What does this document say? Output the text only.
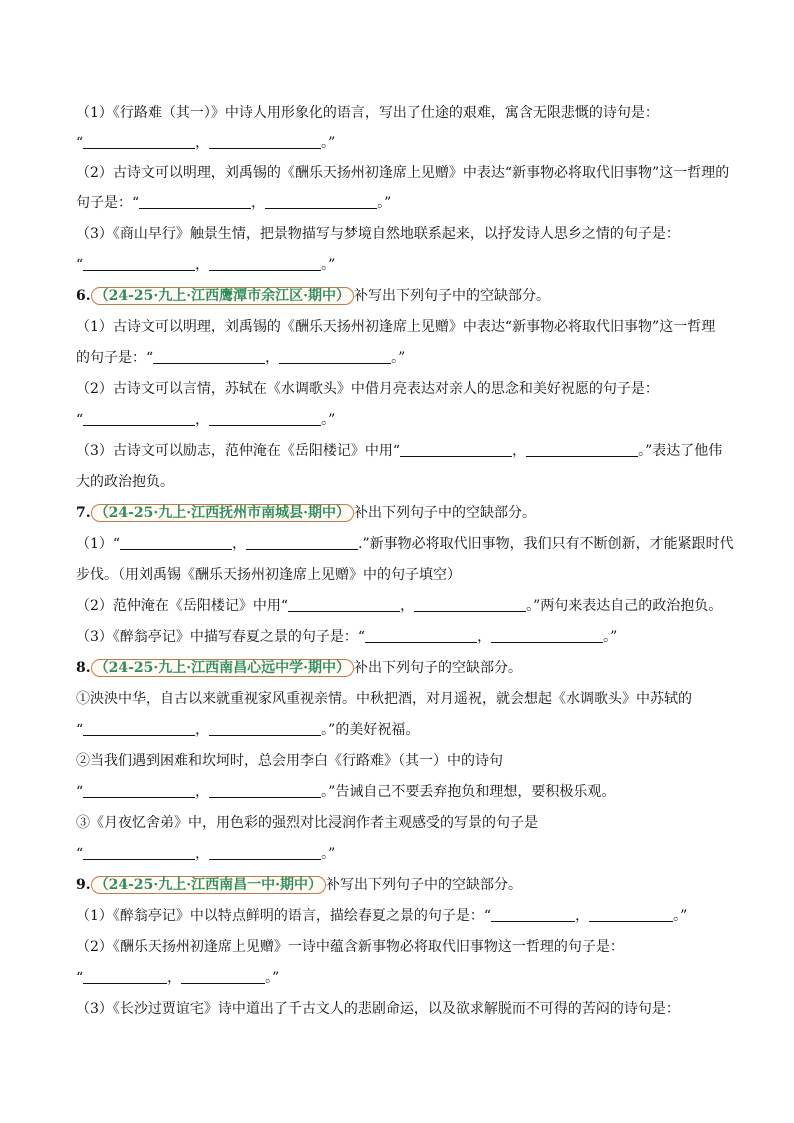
（1）《行路难（其一）》中诗人用形象化的语言，写出了仕途的艰难，寓含无限悲慨的诗句是：
“	，	。”
（2）古诗文可以明理，刘禹锡的《酬乐天扬州初逢席上见赠》中表达“新事物必将取代旧事物”这一哲理的
句子是：“	，	。”
（3）《商山早行》触景生情，把景物描写与梦境自然地联系起来，以抒发诗人思乡之情的句子是：
“	，	。”
6. （24-25·九上·江西鹰潭市余江区·期中） 补写出下列句子中的空缺部分。
（1）古诗文可以明理，刘禹锡的《酬乐天扬州初逢席上见赠》中表达“新事物必将取代旧事物”这一哲理
的句子是：“	，	。”
（2）古诗文可以言情，苏轼在《水调歌头》中借月亮表达对亲人的思念和美好祝愿的句子是：
“	，	。”
（3）古诗文可以励志，范仲淹在《岳阳楼记》中用“	，	。”表达了他伟
大的政治抱负。
7. （24-25·九上·江西抚州市南城县·期中） 补出下列句子中的空缺部分。
（1）“	，	.”新事物必将取代旧事物，我们只有不断创新，才能紧跟时代
步伐。（用刘禹锡《酬乐天扬州初逢席上见赠》中的句子填空）
（2）范仲淹在《岳阳楼记》中用“	，	。”两句来表达自己的政治抱负。
（3）《醉翁亭记》中描写春夏之景的句子是：“	，	。”
8. （24-25·九上·江西南昌心远中学·期中） 补出下列句子的空缺部分。
①泱泱中华，自古以来就重视家风重视亲情。中秋把酒，对月遥祝，就会想起《水调歌头》中苏轼的
“	，	。”的美好祝福。
②当我们遇到困难和坎坷时，总会用李白《行路难》（其一）中的诗句
“	，	。”告诫自己不要丢弃抱负和理想，要积极乐观。
③《月夜忆舍弟》中，用色彩的强烈对比浸润作者主观感受的写景的句子是
“	，	。”
9. （24-25·九上·江西南昌一中·期中） 补写出下列句子中的空缺部分。
（1）《醉翁亭记》中以特点鲜明的语言，描绘春夏之景的句子是：“	，	。”
（2）《酬乐天扬州初逢席上见赠》一诗中蕴含新事物必将取代旧事物这一哲理的句子是：
“	，	。”
（3）《长沙过贾谊宅》诗中道出了千古文人的悲剧命运，以及欲求解脱而不可得的苦闷的诗句是：
